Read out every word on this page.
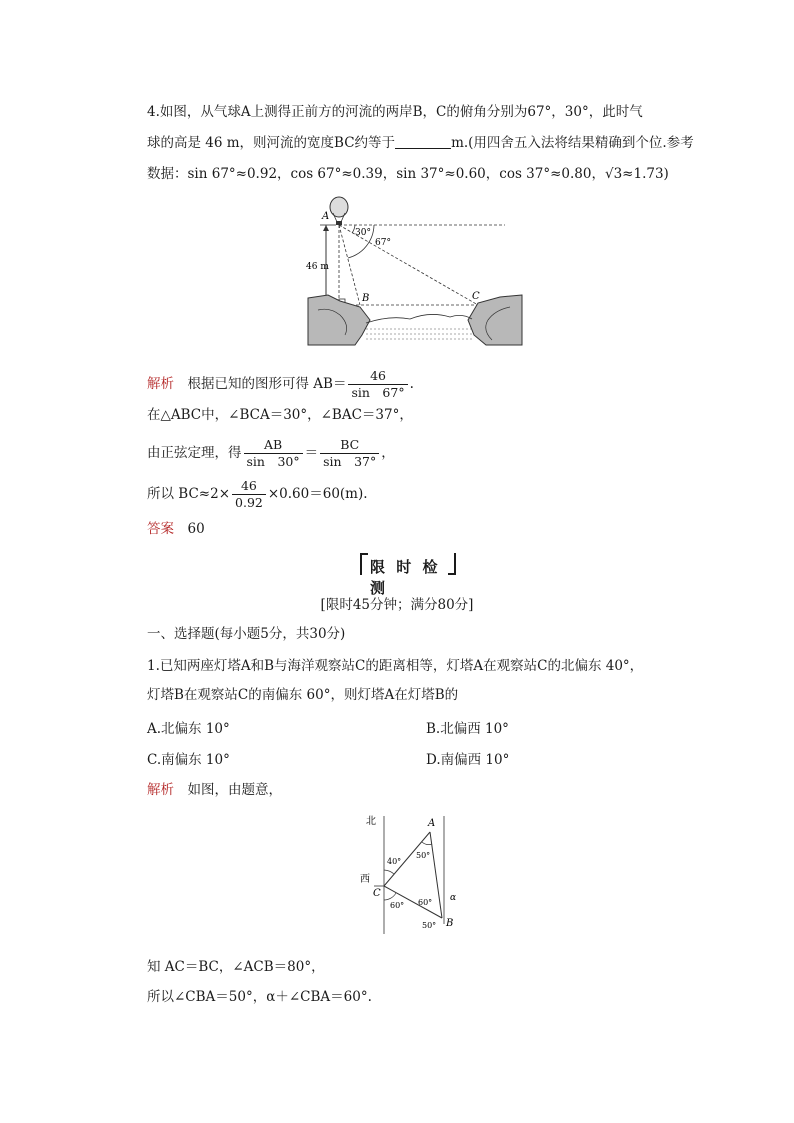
4.如图，从气球A上测得正前方的河流的两岸B，C的俯角分别为67°，30°，此时气
球的高是 46 m，则河流的宽度BC约等于	m.(用四舍五入法将结果精确到个位.参考
数据：sin 67°≈0.92，cos 67°≈0.39，sin 37°≈0.60，cos 37°≈0.80，√3≈1.73)
A
B	C
30°
67°
46 m
解析　 根据已知的图形可得 $AB= \frac{46}{\sin 67^\circ}$ .
在△ABC中，∠BCA＝30°，∠BAC＝37°，
由正弦定理，得 $\frac{AB}{\sin 30^\circ} = \frac{BC}{\sin 37^\circ}$ ，
所以 $BC\approx 2\times \frac{46}{0.92} \times 0.60=60(m)$.
答案　 60
限 时 检 测
[限时45分钟；满分80分]
一、选择题(每小题5分，共30分)
1.已知两座灯塔A和B与海洋观察站C的距离相等，灯塔A在观察站C的北偏东 40°，
灯塔B在观察站C的南偏东 60°，则灯塔A在灯塔B的
A.北偏东 10°	B.北偏西 10°
C.南偏东 10°	D.南偏西 10°
解析　 如图，由题意，
北
西
A
B
C
40°
50°
60° 60°
50°
α
知 AC＝BC，∠ACB＝80°，
所以∠CBA＝50°，α＋∠CBA＝60°.
